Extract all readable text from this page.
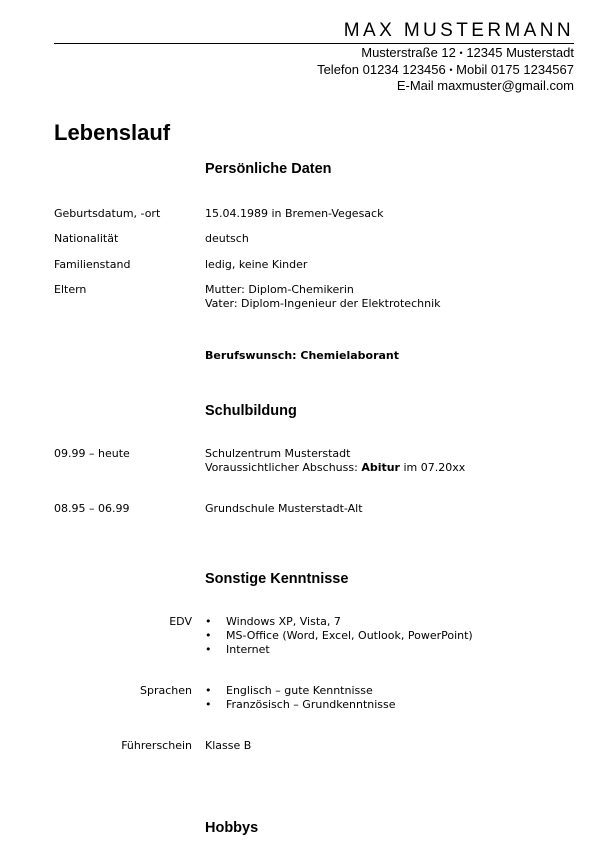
MAX MUSTERMANN
Musterstraße 12 • 12345 Musterstadt
Telefon 01234 123456 • Mobil 0175 1234567
E-Mail maxmuster@gmail.com
Lebenslauf
Persönliche Daten
Geburtsdatum, -ort	15.04.1989 in Bremen-Vegesack
Nationalität	deutsch
Familienstand	ledig, keine Kinder
Eltern	Mutter: Diplom-Chemikerin
Vater: Diplom-Ingenieur der Elektrotechnik
Berufswunsch: Chemielaborant
Schulbildung
09.99 – heute	Schulzentrum Musterstadt
Voraussichtlicher Abschuss: Abitur im 07.20xx
08.95 – 06.99	Grundschule Musterstadt-Alt
Sonstige Kenntnisse
EDV • Windows XP, Vista, 7
• MS-Office (Word, Excel, Outlook, PowerPoint)
• Internet
Sprachen • Englisch – gute Kenntnisse
• Französisch – Grundkenntnisse
Führerschein Klasse B
Hobbys
